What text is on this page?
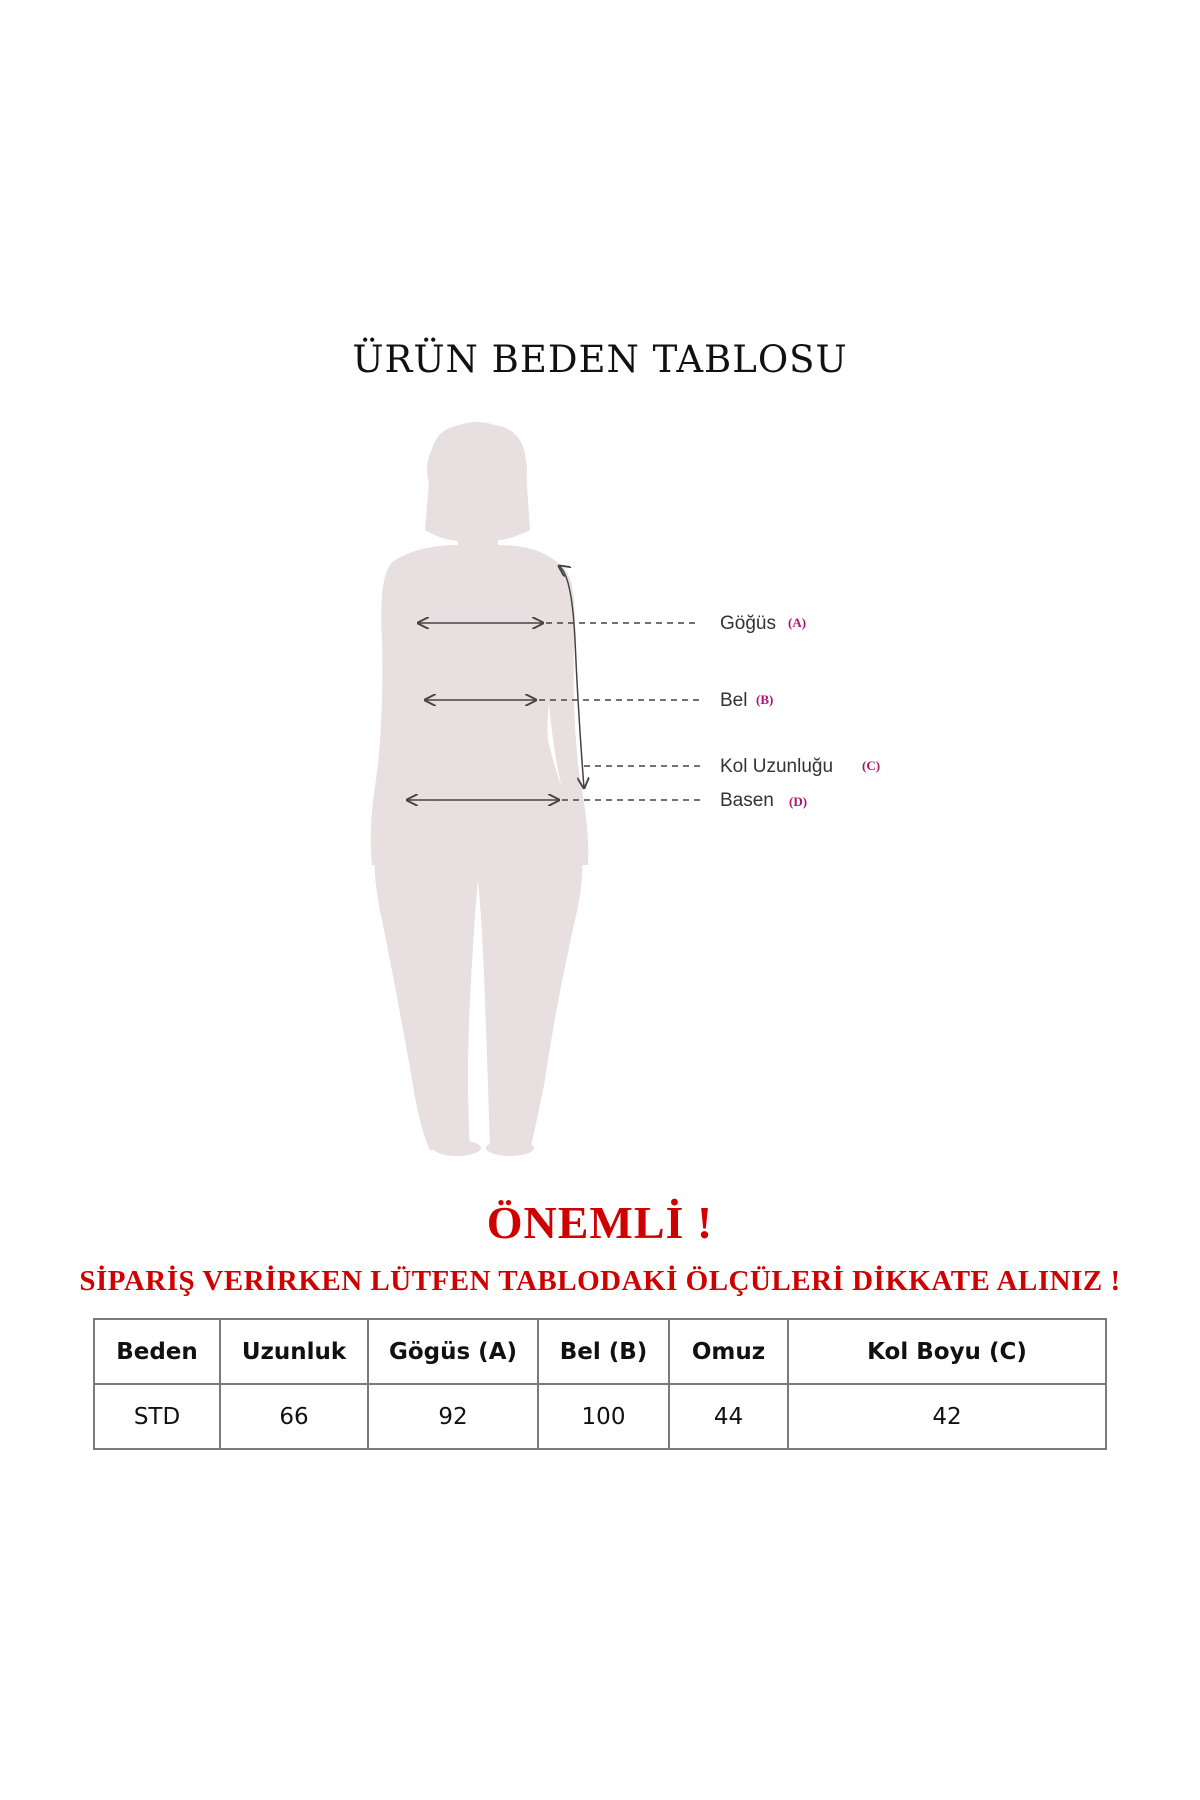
ÜRÜN BEDEN TABLOSU
Göğüs (A)
Bel (B)
Kol Uzunluğu (C)
Basen (D)
ÖNEMLİ !
SİPARİŞ VERİRKEN LÜTFEN TABLODAKİ ÖLÇÜLERİ DİKKATE ALINIZ !
Beden	Uzunluk	Gögüs (A)	Bel (B)	Omuz	Kol Boyu (C)
STD	66	92	100	44	42
